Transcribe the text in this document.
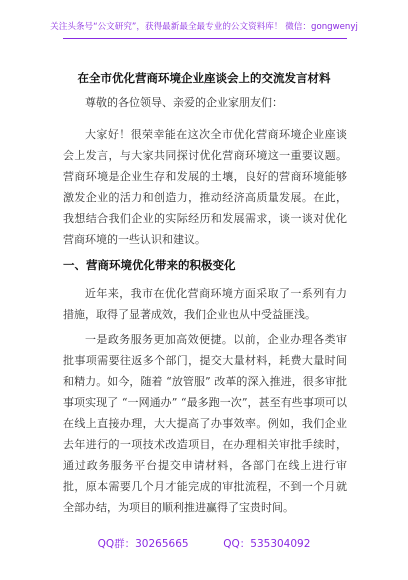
关注头条号“公文研究”，获得最新最全最专业的公文资料库！ 微信：gongwenyj
在全市优化营商环境企业座谈会上的交流发言材料

尊敬的各位领导、亲爱的企业家朋友们：

大家好！很荣幸能在这次全市优化营商环境企业座谈会上发言，与大家共同探讨优化营商环境这一重要议题。营商环境是企业生存和发展的土壤，良好的营商环境能够激发企业的活力和创造力，推动经济高质量发展。在此，我想结合我们企业的实际经历和发展需求，谈一谈对优化营商环境的一些认识和建议。

一、营商环境优化带来的积极变化

近年来，我市在优化营商环境方面采取了一系列有力措施，取得了显著成效，我们企业也从中受益匪浅。

一是政务服务更加高效便捷。以前，企业办理各类审批事项需要往返多个部门，提交大量材料，耗费大量时间和精力。如今，随着 “放管服” 改革的深入推进，很多审批事项实现了 “一网通办” “最多跑一次”，甚至有些事项可以在线上直接办理，大大提高了办事效率。例如，我们企业去年进行的一项技术改造项目，在办理相关审批手续时，通过政务服务平台提交申请材料，各部门在线上进行审批，原本需要几个月才能完成的审批流程，不到一个月就全部办结，为项目的顺利推进赢得了宝贵时间。

QQ群：30265665	QQ：535304092
